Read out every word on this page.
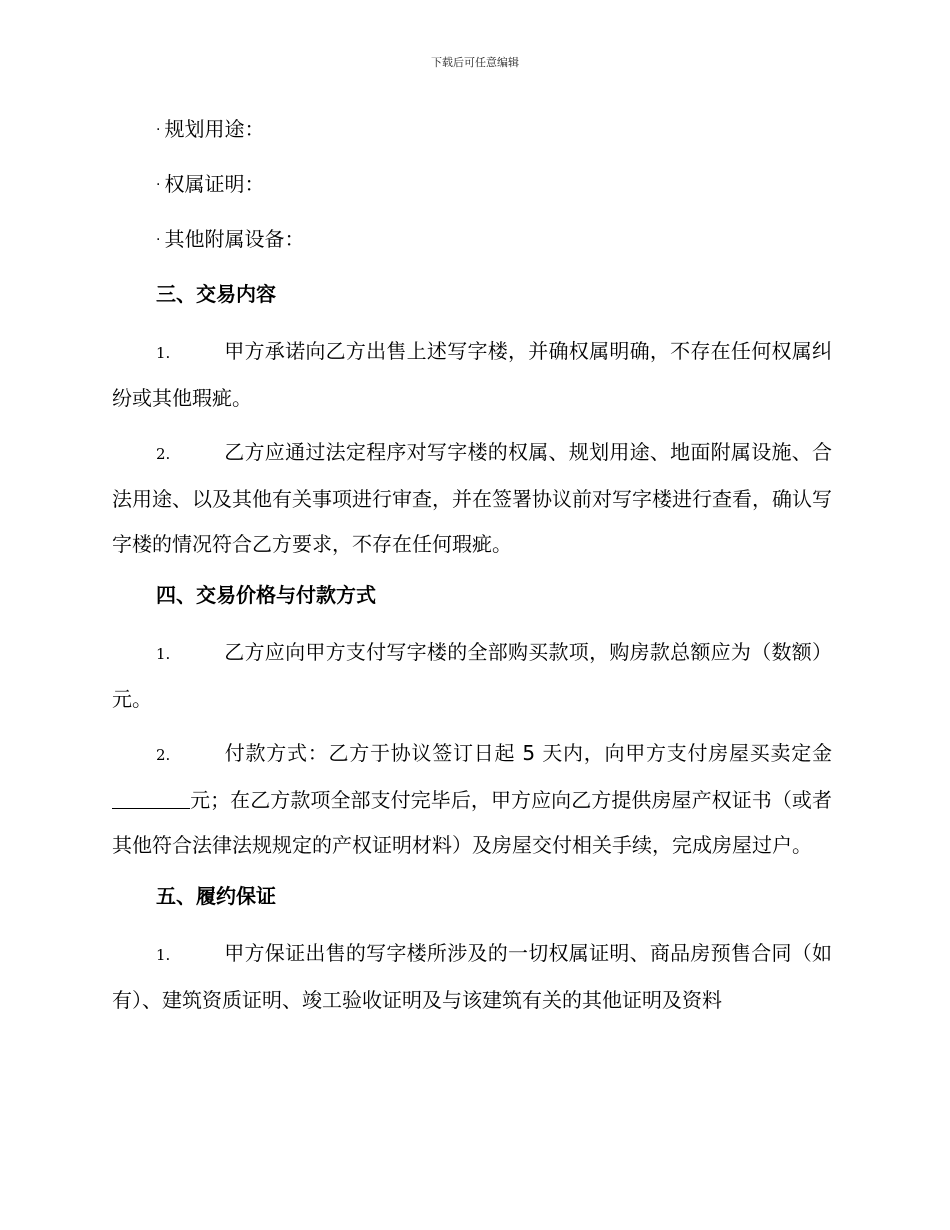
下载后可任意编辑
· 规划用途：
· 权属证明：
· 其他附属设备：
三、交易内容
1.	甲方承诺向乙方出售上述写字楼，并确权属明确，不存在任何权属纠纷或其他瑕疵。
2.	乙方应通过法定程序对写字楼的权属、规划用途、地面附属设施、合法用途、以及其他有关事项进行审查，并在签署协议前对写字楼进行查看，确认写字楼的情况符合乙方要求，不存在任何瑕疵。
四、交易价格与付款方式
1.	乙方应向甲方支付写字楼的全部购买款项，购房款总额应为（数额）元。
2.	付款方式：乙方于协议签订日起 5 天内，向甲方支付房屋买卖定金元；在乙方款项全部支付完毕后，甲方应向乙方提供房屋产权证书（或者其他符合法律法规规定的产权证明材料）及房屋交付相关手续，完成房屋过户。
五、履约保证
1.	甲方保证出售的写字楼所涉及的一切权属证明、商品房预售合同（如有）、建筑资质证明、竣工验收证明及与该建筑有关的其他证明及资料
